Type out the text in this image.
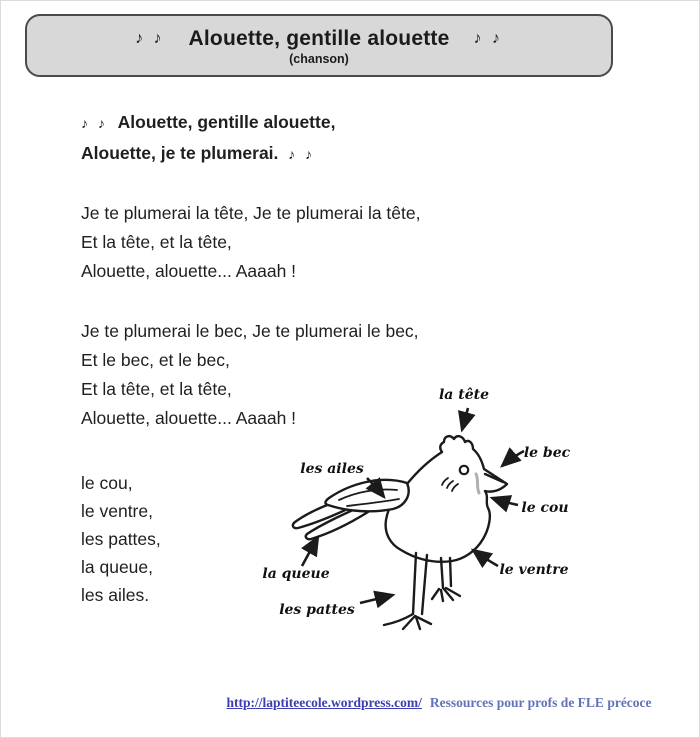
♪ ♪ Alouette, gentille alouette ♪ ♪
(chanson)
♪ ♪ Alouette, gentille alouette,
Alouette, je te plumerai. ♪ ♪
Je te plumerai la tête, Je te plumerai la tête,
Et la tête, et la tête,
Alouette, alouette... Aaaah !
Je te plumerai le bec, Je te plumerai le bec,
Et le bec, et le bec,
Et la tête, et la tête,
Alouette, alouette... Aaaah !
le cou,
le ventre,
les pattes,
la queue,
les ailes.
la tête
le bec
le cou
le ventre
les ailes
la queue
les pattes
http://laptiteecole.wordpress.com/ Ressources pour profs de FLE précoce
